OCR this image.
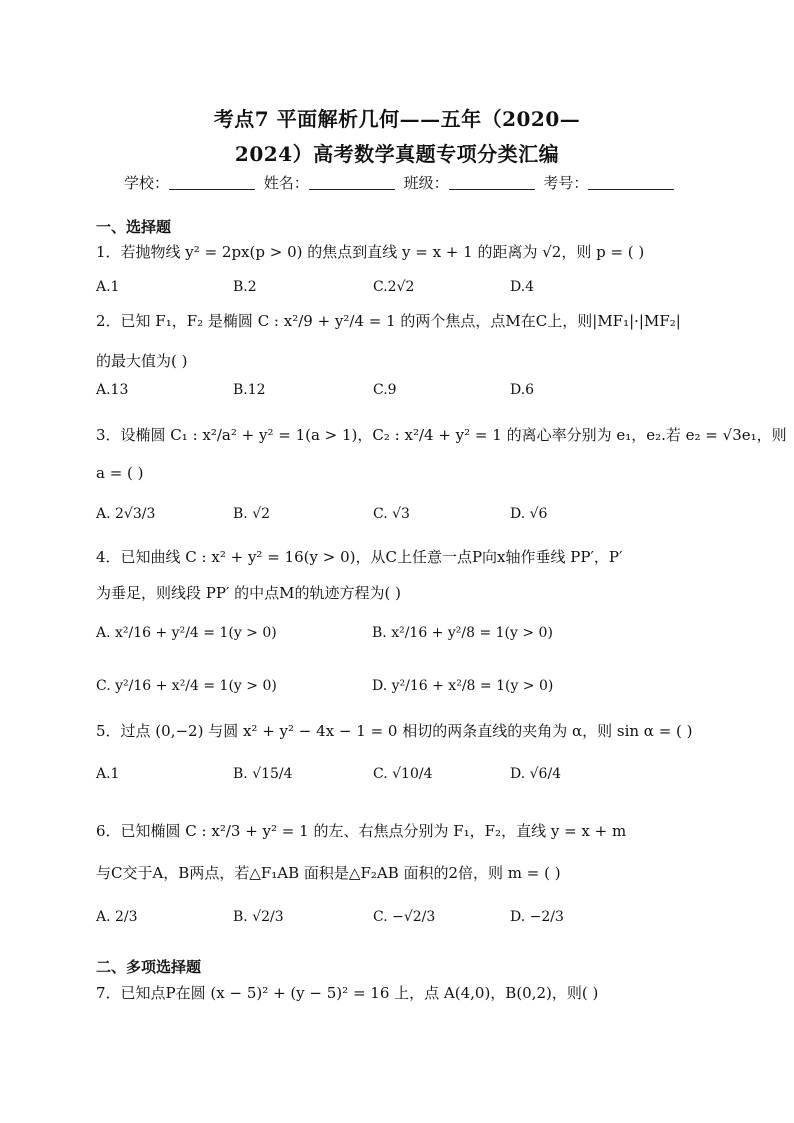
考点7 平面解析几何——五年（2020—
2024）高考数学真题专项分类汇编
学校：	姓名：	班级：	考号：
一、选择题
1．若抛物线 y² = 2px(p > 0) 的焦点到直线 y = x + 1 的距离为 √2，则 p = ( )
A.1	B.2	C.2√2	D.4
2．已知 F₁，F₂ 是椭圆 C : x²/9 + y²/4 = 1 的两个焦点，点M在C上，则|MF₁|·|MF₂|
的最大值为( )
A.13	B.12	C.9	D.6
3．设椭圆 C₁ : x²/a² + y² = 1(a > 1)，C₂ : x²/4 + y² = 1 的离心率分别为 e₁，e₂.若 e₂ = √3e₁，则
a = ( )
A. 2√3/3	B. √2	C. √3	D. √6
4．已知曲线 C : x² + y² = 16(y > 0)，从C上任意一点P向x轴作垂线 PP′，P′
为垂足，则线段 PP′ 的中点M的轨迹方程为( )
A. x²/16 + y²/4 = 1(y > 0)	B. x²/16 + y²/8 = 1(y > 0)
C. y²/16 + x²/4 = 1(y > 0)	D. y²/16 + x²/8 = 1(y > 0)
5．过点 (0,−2) 与圆 x² + y² − 4x − 1 = 0 相切的两条直线的夹角为 α，则 sin α = ( )
A.1	B. √15/4	C. √10/4	D. √6/4
6．已知椭圆 C : x²/3 + y² = 1 的左、右焦点分别为 F₁，F₂，直线 y = x + m
与C交于A，B两点，若△F₁AB 面积是△F₂AB 面积的2倍，则 m = ( )
A. 2/3	B. √2/3	C. −√2/3	D. −2/3
二、多项选择题
7．已知点P在圆 (x − 5)² + (y − 5)² = 16 上，点 A(4,0)，B(0,2)，则( )
